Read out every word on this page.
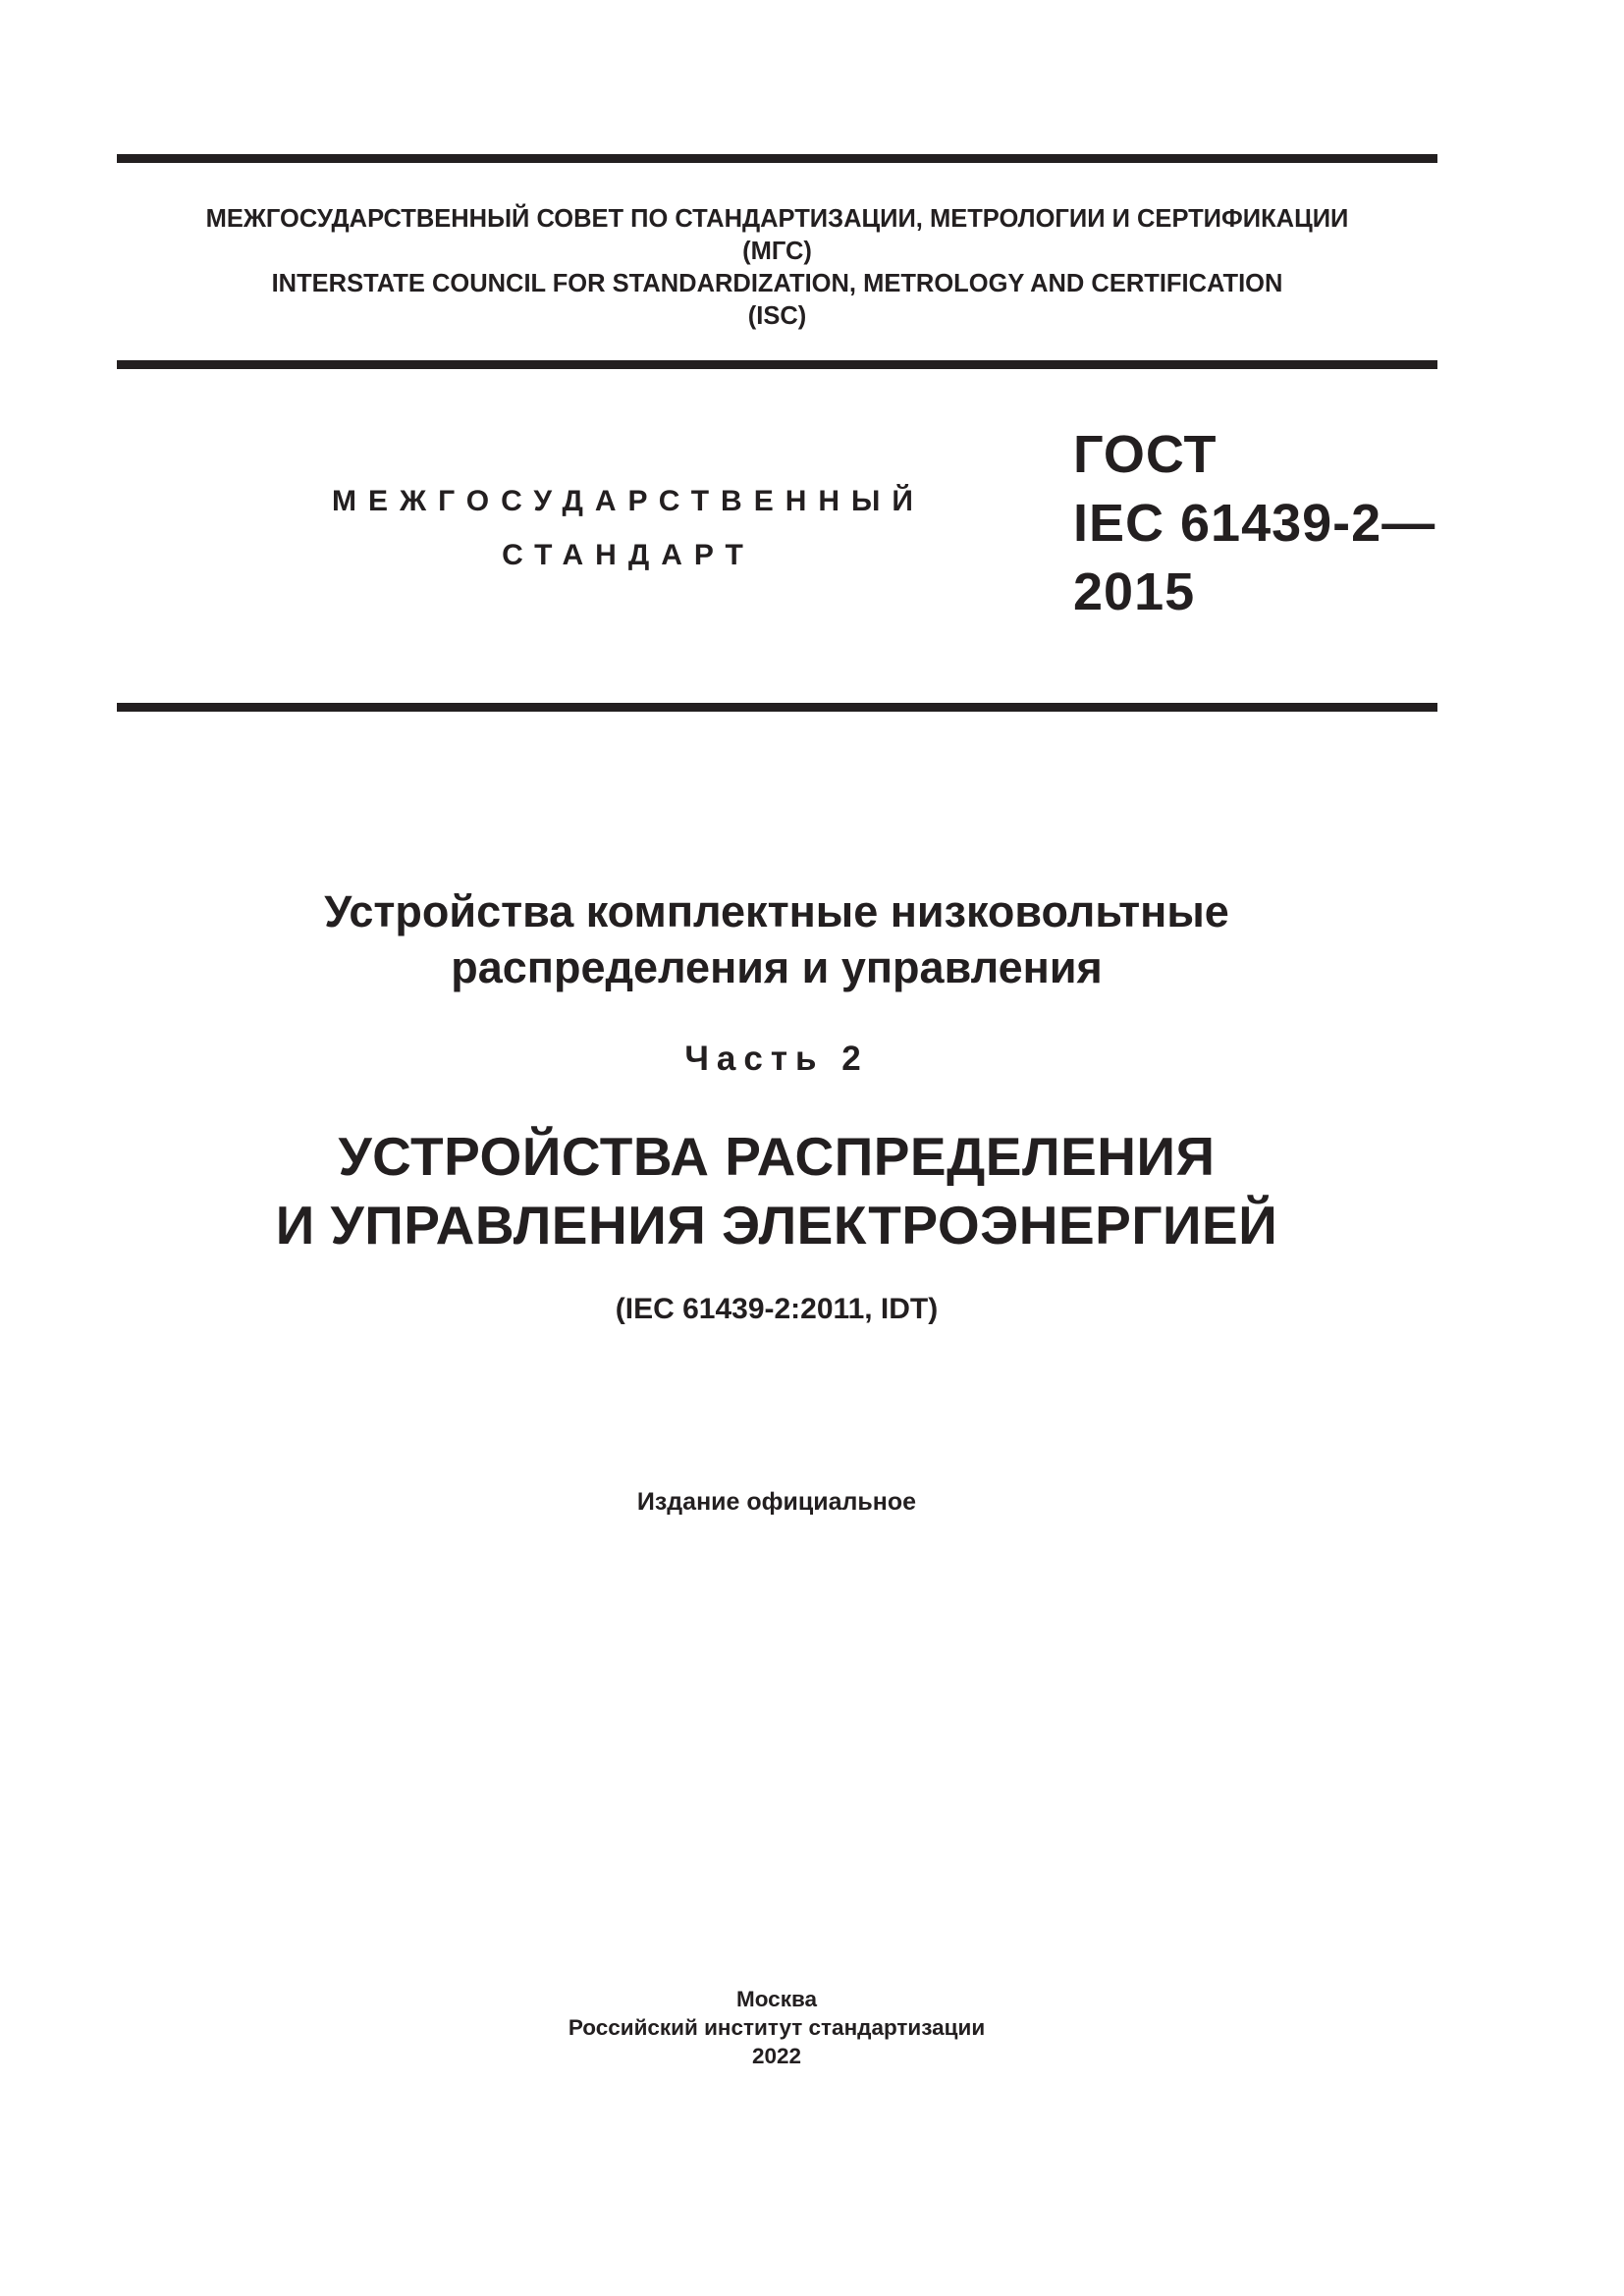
МЕЖГОСУДАРСТВЕННЫЙ СОВЕТ ПО СТАНДАРТИЗАЦИИ, МЕТРОЛОГИИ И СЕРТИФИКАЦИИ
(МГС)
INTERSTATE COUNCIL FOR STANDARDIZATION, METROLOGY AND CERTIFICATION
(ISC)
МЕЖГОСУДАРСТВЕННЫЙ
СТАНДАРТ
ГОСТ
IEC 61439-2—
2015
Устройства комплектные низковольтные
распределения и управления
Часть 2
УСТРОЙСТВА РАСПРЕДЕЛЕНИЯ
И УПРАВЛЕНИЯ ЭЛЕКТРОЭНЕРГИЕЙ
(IEC 61439-2:2011, IDT)
Издание официальное
Москва
Российский институт стандартизации
2022
